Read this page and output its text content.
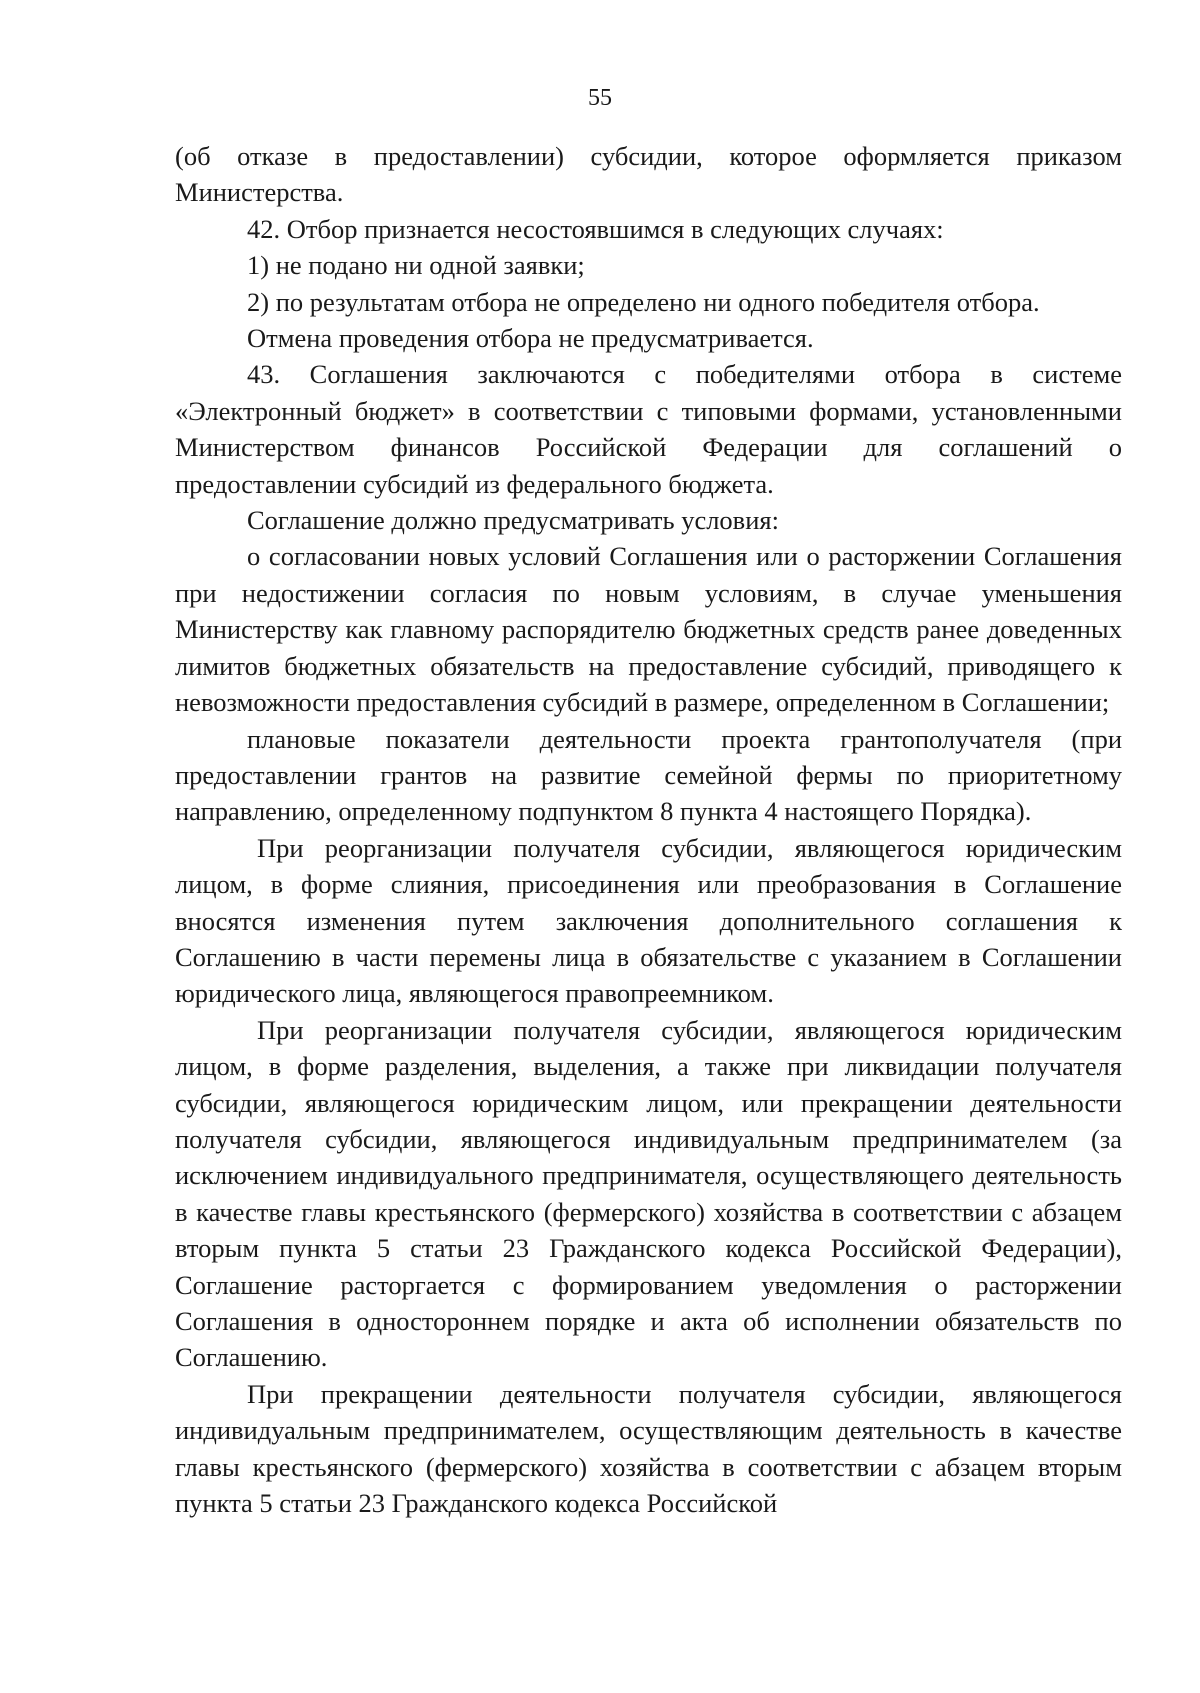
55

(об отказе в предоставлении) субсидии, которое оформляется приказом Министерства.

42. Отбор признается несостоявшимся в следующих случаях:

1) не подано ни одной заявки;

2) по результатам отбора не определено ни одного победителя отбора.

Отмена проведения отбора не предусматривается.

43. Соглашения заключаются с победителями отбора в системе «Электронный бюджет» в соответствии с типовыми формами, установленными Министерством финансов Российской Федерации для соглашений о предоставлении субсидий из федерального бюджета.

Соглашение должно предусматривать условия:

о согласовании новых условий Соглашения или о расторжении Соглашения при недостижении согласия по новым условиям, в случае уменьшения Министерству как главному распорядителю бюджетных средств ранее доведенных лимитов бюджетных обязательств на предоставление субсидий, приводящего к невозможности предоставления субсидий в размере, определенном в Соглашении;

плановые показатели деятельности проекта грантополучателя (при предоставлении грантов на развитие семейной фермы по приоритетному направлению, определенному подпунктом 8 пункта 4 настоящего Порядка).

При реорганизации получателя субсидии, являющегося юридическим лицом, в форме слияния, присоединения или преобразования в Соглашение вносятся изменения путем заключения дополнительного соглашения к Соглашению в части перемены лица в обязательстве с указанием в Соглашении юридического лица, являющегося правопреемником.

При реорганизации получателя субсидии, являющегося юридическим лицом, в форме разделения, выделения, а также при ликвидации получателя субсидии, являющегося юридическим лицом, или прекращении деятельности получателя субсидии, являющегося индивидуальным предпринимателем (за исключением индивидуального предпринимателя, осуществляющего деятельность в качестве главы крестьянского (фермерского) хозяйства в соответствии с абзацем вторым пункта 5 статьи 23 Гражданского кодекса Российской Федерации), Соглашение расторгается с формированием уведомления о расторжении Соглашения в одностороннем порядке и акта об исполнении обязательств по Соглашению.

При прекращении деятельности получателя субсидии, являющегося индивидуальным предпринимателем, осуществляющим деятельность в качестве главы крестьянского (фермерского) хозяйства в соответствии с абзацем вторым пункта 5 статьи 23 Гражданского кодекса Российской
